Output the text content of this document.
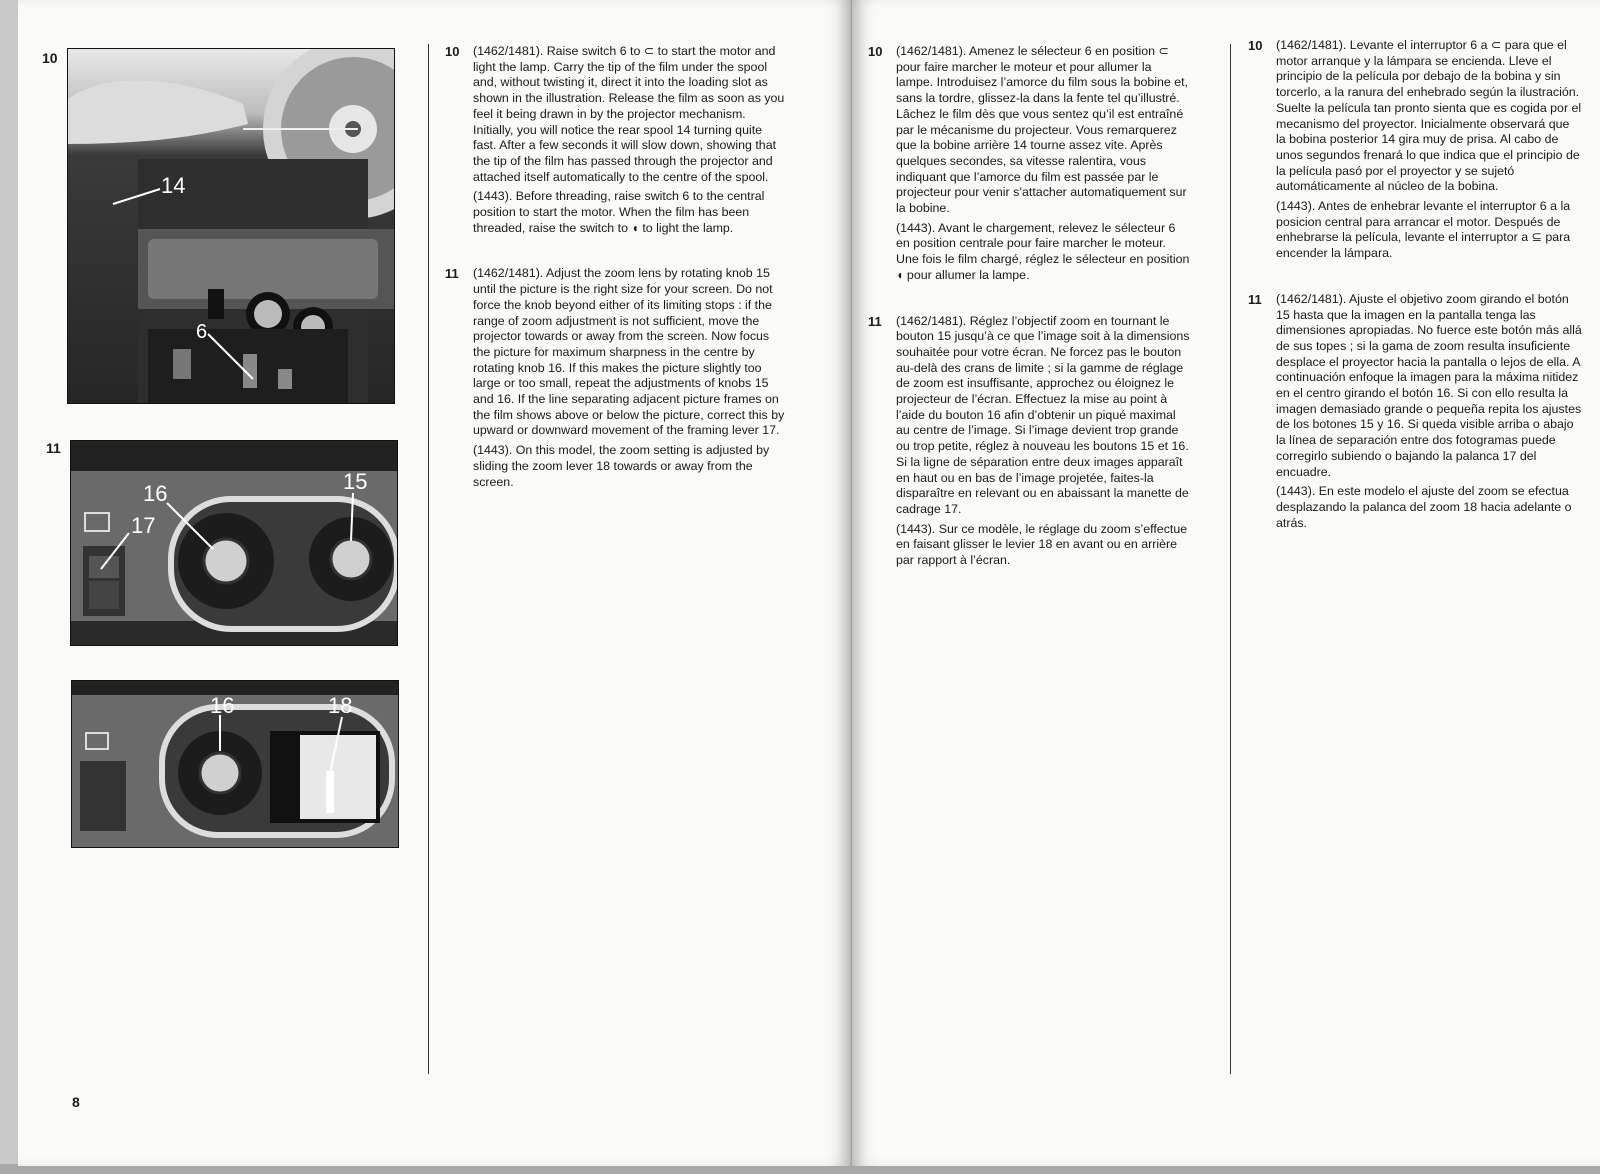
10
14
6
11
16
17
15
16	18
8
10 (1462/1481). Raise switch 6 to ⊂ to start the motor and light the lamp. Carry the tip of the film under the spool and, without twisting it, direct it into the loading slot as shown in the illustration. Release the film as soon as you feel it being drawn in by the projector mechanism. Initially, you will notice the rear spool 14 turning quite fast. After a few seconds it will slow down, showing that the tip of the film has passed through the projector and attached itself automatically to the centre of the spool.

(1443). Before threading, raise switch 6 to the central position to start the motor. When the film has been threaded, raise the switch to ◖ to light the lamp.

11 (1462/1481). Adjust the zoom lens by rotating knob 15 until the picture is the right size for your screen. Do not force the knob beyond either of its limiting stops : if the range of zoom adjustment is not sufficient, move the projector towards or away from the screen. Now focus the picture for maximum sharpness in the centre by rotating knob 16. If this makes the picture slightly too large or too small, repeat the adjustments of knobs 15 and 16. If the line separating adjacent picture frames on the film shows above or below the picture, correct this by upward or downward movement of the framing lever 17.

(1443). On this model, the zoom setting is adjusted by sliding the zoom lever 18 towards or away from the screen.

10 (1462/1481). Amenez le sélecteur 6 en position ⊂ pour faire marcher le moteur et pour allumer la lampe. Introduisez l’amorce du film sous la bobine et, sans la tordre, glissez-la dans la fente tel qu’illustré. Lâchez le film dès que vous sentez qu’il est entraîné par le mécanisme du projecteur. Vous remarquerez que la bobine arrière 14 tourne assez vite. Après quelques secondes, sa vitesse ralentira, vous indiquant que l’amorce du film est passée par le projecteur pour venir s’attacher automatiquement sur la bobine.

(1443). Avant le chargement, relevez le sélecteur 6 en position centrale pour faire marcher le moteur. Une fois le film chargé, réglez le sélecteur en position ◖ pour allumer la lampe.

11 (1462/1481). Réglez l’objectif zoom en tournant le bouton 15 jusqu’à ce que l’image soit à la dimensions souhaitée pour votre écran. Ne forcez pas le bouton au-delà des crans de limite ; si la gamme de réglage de zoom est insuffisante, approchez ou éloignez le projecteur de l’écran. Effectuez la mise au point à l’aide du bouton 16 afin d’obtenir un piqué maximal au centre de l’image. Si l’image devient trop grande ou trop petite, réglez à nouveau les boutons 15 et 16. Si la ligne de séparation entre deux images apparaît en haut ou en bas de l’image projetée, faites-la disparaître en relevant ou en abaissant la manette de cadrage 17.

(1443). Sur ce modèle, le réglage du zoom s’effectue en faisant glisser le levier 18 en avant ou en arrière par rapport à l’écran.

10 (1462/1481). Levante el interruptor 6 a ⊂ para que el motor arranque y la lámpara se encienda. Lleve el principio de la película por debajo de la bobina y sin torcerlo, a la ranura del enhebrado según la ilustración. Suelte la película tan pronto sienta que es cogida por el mecanismo del proyector. Inicialmente observará que la bobina posterior 14 gira muy de prisa. Al cabo de unos segundos frenará lo que indica que el principio de la película pasó por el proyector y se sujetó automáticamente al núcleo de la bobina.

(1443). Antes de enhebrar levante el interruptor 6 a la posicion central para arrancar el motor. Después de enhebrarse la película, levante el interruptor a ⊆ para encender la lámpara.

11 (1462/1481). Ajuste el objetivo zoom girando el botón 15 hasta que la imagen en la pantalla tenga las dimensiones apropiadas. No fuerce este botón más allá de sus topes ; si la gama de zoom resulta insuficiente desplace el proyector hacia la pantalla o lejos de ella. A continuación enfoque la imagen para la máxima nitidez en el centro girando el botón 16. Si con ello resulta la imagen demasiado grande o pequeña repita los ajustes de los botones 15 y 16. Si queda visible arriba o abajo la línea de separación entre dos fotogramas puede corregirlo subiendo o bajando la palanca 17 del encuadre.

(1443). En este modelo el ajuste del zoom se efectua desplazando la palanca del zoom 18 hacia adelante o atrás.
